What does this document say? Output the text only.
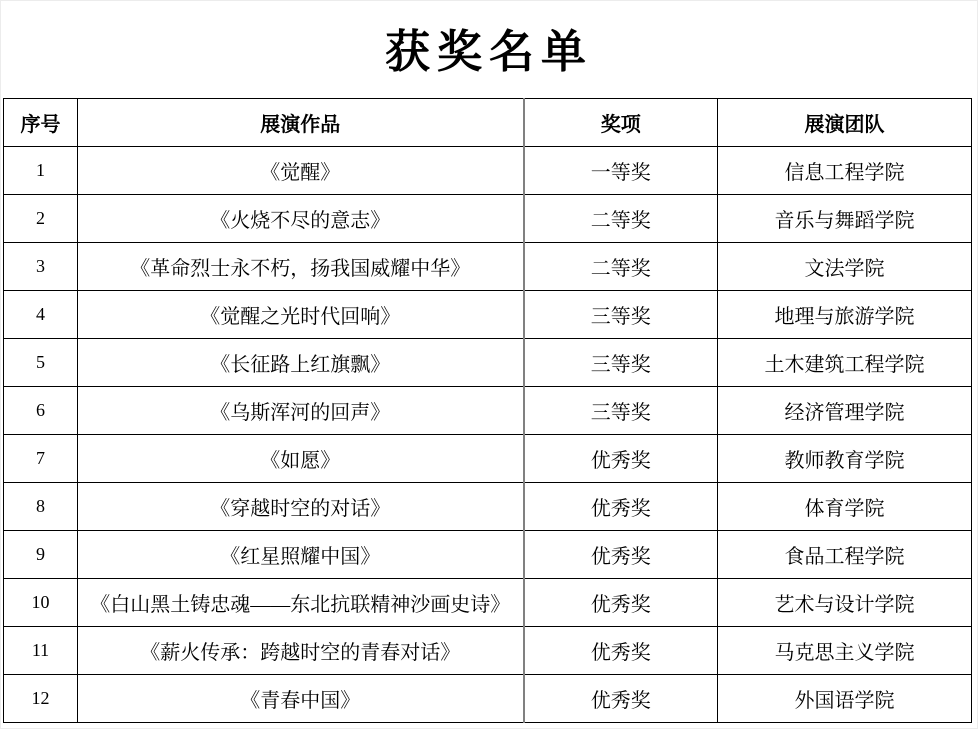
获奖名单
序号	展演作品	奖项	展演团队
1	《觉醒》	一等奖	信息工程学院
2	《火烧不尽的意志》	二等奖	音乐与舞蹈学院
3	《革命烈士永不朽，扬我国威耀中华》	二等奖	文法学院
4	《觉醒之光时代回响》	三等奖	地理与旅游学院
5	《长征路上红旗飘》	三等奖	土木建筑工程学院
6	《乌斯浑河的回声》	三等奖	经济管理学院
7	《如愿》	优秀奖	教师教育学院
8	《穿越时空的对话》	优秀奖	体育学院
9	《红星照耀中国》	优秀奖	食品工程学院
10	《白山黑土铸忠魂——东北抗联精神沙画史诗》	优秀奖	艺术与设计学院
11	《薪火传承：跨越时空的青春对话》	优秀奖	马克思主义学院
12	《青春中国》	优秀奖	外国语学院
